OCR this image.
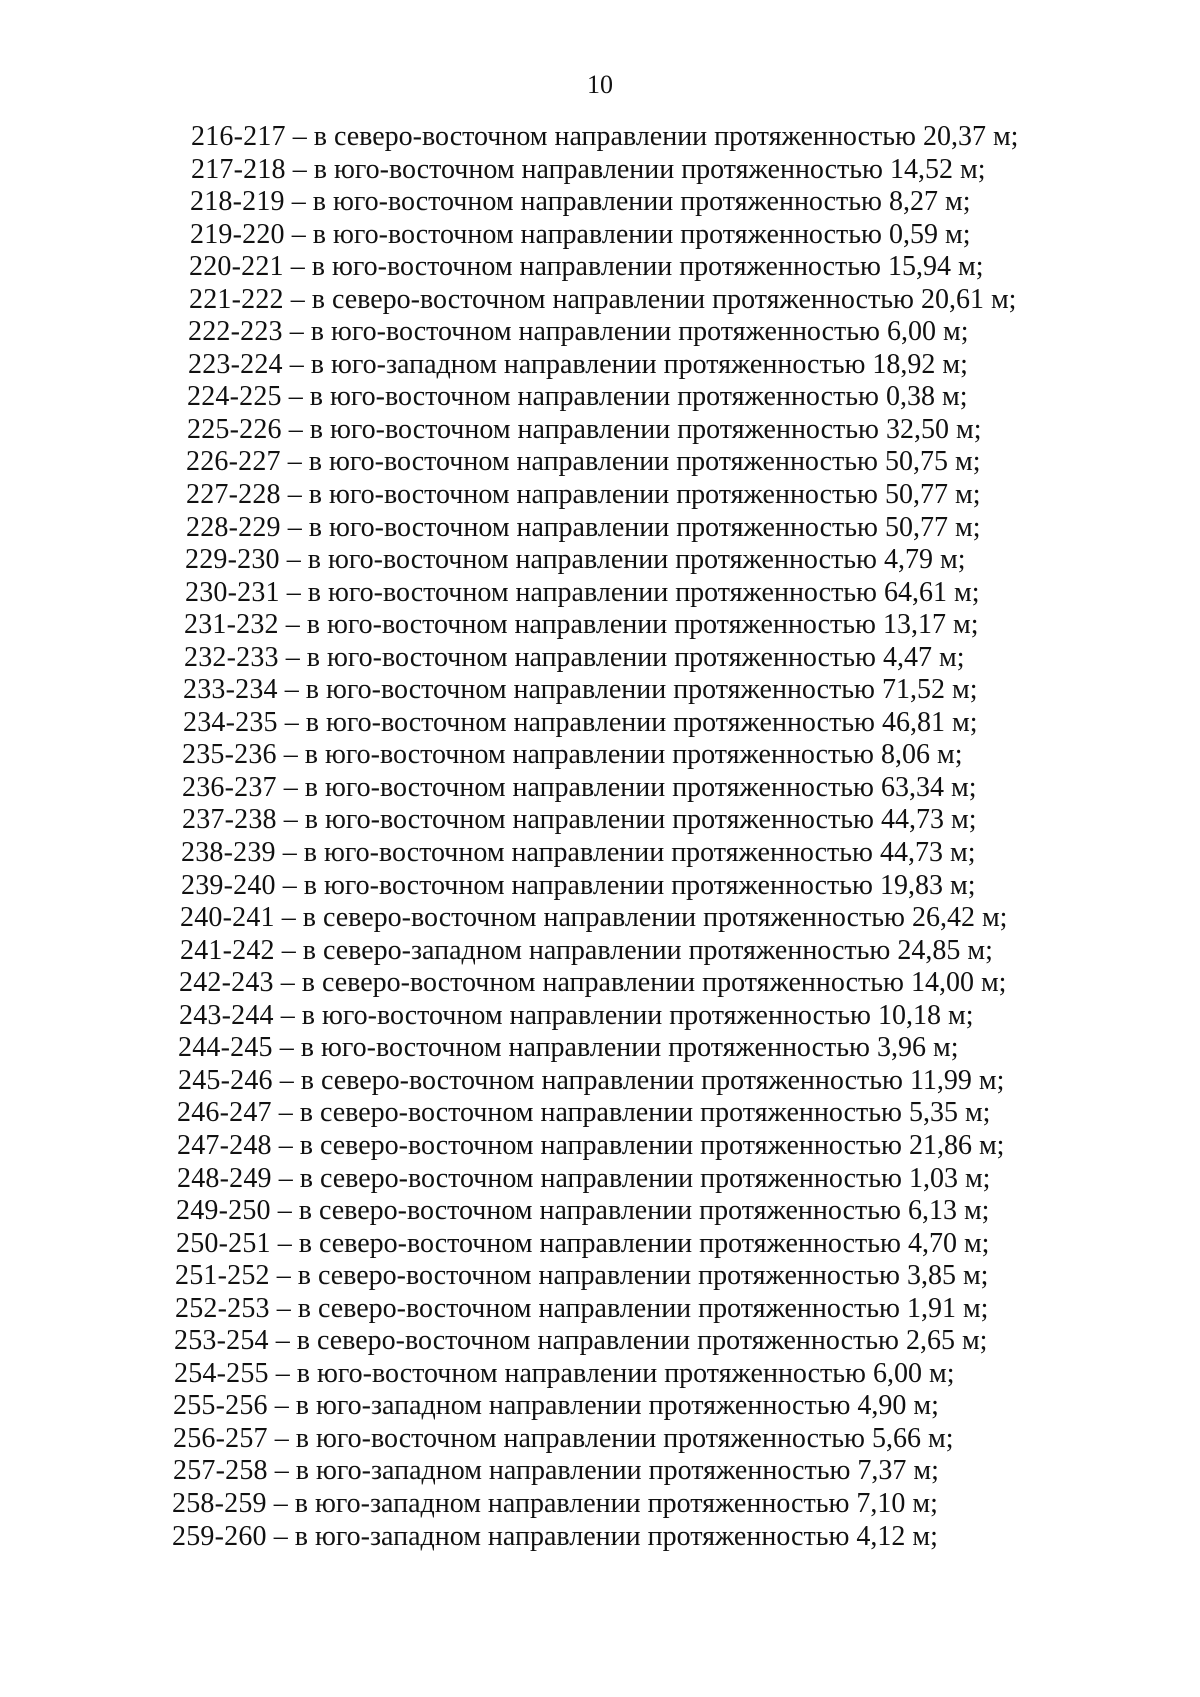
10
216-217 – в северо-восточном направлении протяженностью 20,37 м;
217-218 – в юго-восточном направлении протяженностью 14,52 м;
218-219 – в юго-восточном направлении протяженностью 8,27 м;
219-220 – в юго-восточном направлении протяженностью 0,59 м;
220-221 – в юго-восточном направлении протяженностью 15,94 м;
221-222 – в северо-восточном направлении протяженностью 20,61 м;
222-223 – в юго-восточном направлении протяженностью 6,00 м;
223-224 – в юго-западном направлении протяженностью 18,92 м;
224-225 – в юго-восточном направлении протяженностью 0,38 м;
225-226 – в юго-восточном направлении протяженностью 32,50 м;
226-227 – в юго-восточном направлении протяженностью 50,75 м;
227-228 – в юго-восточном направлении протяженностью 50,77 м;
228-229 – в юго-восточном направлении протяженностью 50,77 м;
229-230 – в юго-восточном направлении протяженностью 4,79 м;
230-231 – в юго-восточном направлении протяженностью 64,61 м;
231-232 – в юго-восточном направлении протяженностью 13,17 м;
232-233 – в юго-восточном направлении протяженностью 4,47 м;
233-234 – в юго-восточном направлении протяженностью 71,52 м;
234-235 – в юго-восточном направлении протяженностью 46,81 м;
235-236 – в юго-восточном направлении протяженностью 8,06 м;
236-237 – в юго-восточном направлении протяженностью 63,34 м;
237-238 – в юго-восточном направлении протяженностью 44,73 м;
238-239 – в юго-восточном направлении протяженностью 44,73 м;
239-240 – в юго-восточном направлении протяженностью 19,83 м;
240-241 – в северо-восточном направлении протяженностью 26,42 м;
241-242 – в северо-западном направлении протяженностью 24,85 м;
242-243 – в северо-восточном направлении протяженностью 14,00 м;
243-244 – в юго-восточном направлении протяженностью 10,18 м;
244-245 – в юго-восточном направлении протяженностью 3,96 м;
245-246 – в северо-восточном направлении протяженностью 11,99 м;
246-247 – в северо-восточном направлении протяженностью 5,35 м;
247-248 – в северо-восточном направлении протяженностью 21,86 м;
248-249 – в северо-восточном направлении протяженностью 1,03 м;
249-250 – в северо-восточном направлении протяженностью 6,13 м;
250-251 – в северо-восточном направлении протяженностью 4,70 м;
251-252 – в северо-восточном направлении протяженностью 3,85 м;
252-253 – в северо-восточном направлении протяженностью 1,91 м;
253-254 – в северо-восточном направлении протяженностью 2,65 м;
254-255 – в юго-восточном направлении протяженностью 6,00 м;
255-256 – в юго-западном направлении протяженностью 4,90 м;
256-257 – в юго-восточном направлении протяженностью 5,66 м;
257-258 – в юго-западном направлении протяженностью 7,37 м;
258-259 – в юго-западном направлении протяженностью 7,10 м;
259-260 – в юго-западном направлении протяженностью 4,12 м;
